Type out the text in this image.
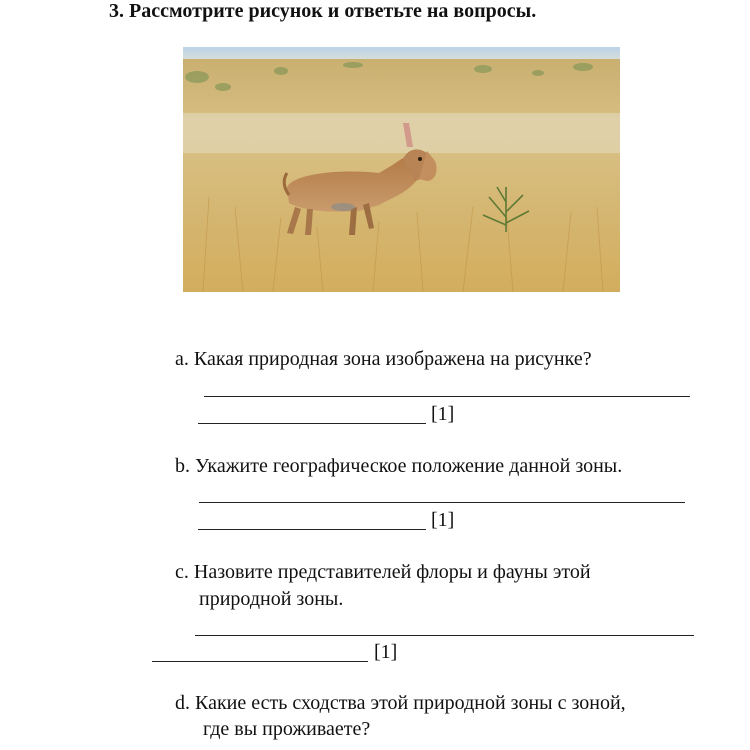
3. Рассмотрите рисунок и ответьте на вопросы.
a. Какая природная зона изображена на рисунке?
[1]
b. Укажите географическое положение данной зоны.
[1]
c. Назовите представителей флоры и фауны этой
природной зоны.
[1]
d. Какие есть сходства этой природной зоны с зоной,
где вы проживаете?
